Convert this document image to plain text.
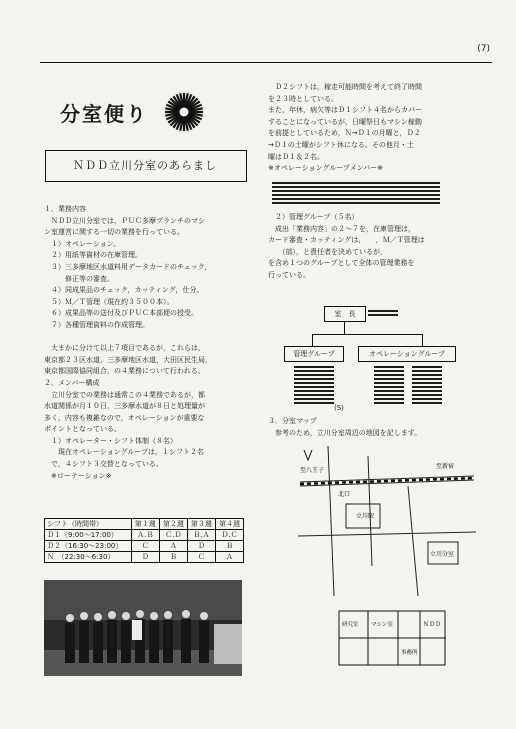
(7)
分室便り
ＮＤＤ立川分室のあらまし

１．業務内容

　ＮＤＤ立川分室では，ＰＵＣ多摩ブランチのマシ

ン室運営に関する一切の業務を行っている。

　１）オペレーション。

　２）用紙等資材の在庫管理。

　３）三多摩地区水道料用データカードのチェック，

　　　修正等の審査。

　４）同成果品のチェック，カッティング，仕分。

　５）Ｍ／Ｔ管理（現在約３５００本）。

　６）成果品等の送付及びＰＵＣ本部便の授受。

　７）各種管理資料の作成管理。

　大まかに分けて以上７項目であるが，これらは，

東京都２３区水道，三多摩地区水道，大田区民生局，

東京都国際協同組合，の４業務について行われる。

２．メンバー構成

　立川分室での業務は通常この４業務であるが，都

水道関係が月１０日，三多摩水道が８日と処理量が

多く，内容も複雑なので，オペレーションが重要な

ポイントとなっている。

　１）オペレーター・シフト体制（８名）

　　現在オペレーショングループは，１シフト２名

　で，４シフト３交替となっている。

　※ローテーション※

シフト（時間帯）	第１週	第２週	第３週	第４週
Ｄ１（9:00〜17:00）	Ａ.Ｂ	Ｃ.Ｄ	Ｂ.Ａ	Ｄ.Ｃ
Ｄ２（16:30〜23:00）	Ｃ	Ａ	Ｄ	Ｂ
Ｎ　（22:30〜6:30）	Ｄ	Ｂ	Ｃ	Ａ

　Ｄ２シフトは，稼走可能時間を考えて終了時間

を２３時としている。

また，年休，病欠等はＤ１シフト４名からカバー

することになっているが，日曜祭日もマシン稼動

を前提としているため，Ｎ→Ｄ１の月曜と，Ｄ２

→Ｄ１の土曜がシフト休になる。その他月・土

曜はＤ１＆２名。

※オペレーショングループメンバー※

　２）管理グループ（５名）

　成出「業務内容」の２〜７を，在庫管理は，

カード審査・カッティングは，　　，Ｍ／Ｔ管理は

　　（部），と責任者を決めているが，

を含め１つのグループとして全体の管理業務を

行っている。

室　長
管理グループ	オペレーショングループ
(S)

３．分室マップ

　参考のため，立川分室周辺の地図を記します。

立川駅
立川分室
北口
至八王子
至新宿
研究室 マシン室	ＮＤＤ
事務所
